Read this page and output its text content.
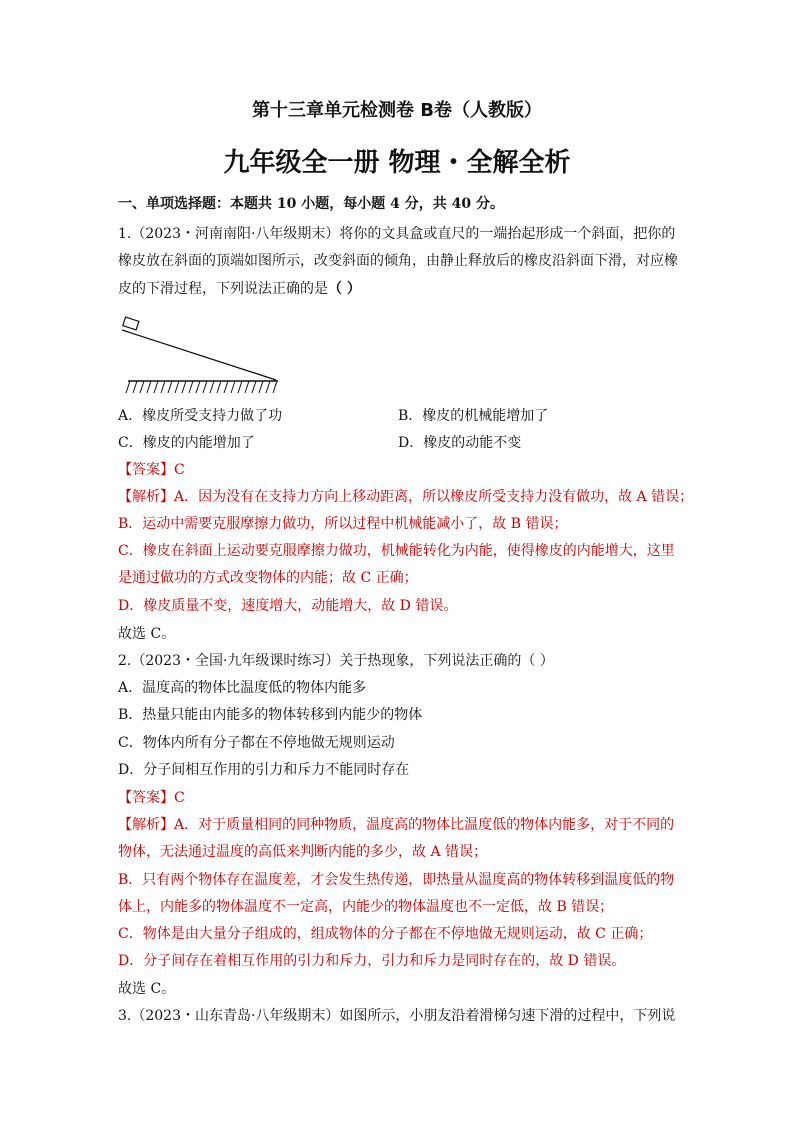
第十三章单元检测卷 B卷（人教版）
九年级全一册 物理・全解全析
一、单项选择题：本题共 10 小题，每小题 4 分，共 40 分。
1.（2023・河南南阳·八年级期末）将你的文具盒或直尺的一端抬起形成一个斜面，把你的
橡皮放在斜面的顶端如图所示，改变斜面的倾角，由静止释放后的橡皮沿斜面下滑，对应橡
皮的下滑过程，下列说法正确的是（ ）
A．橡皮所受支持力做了功	B．橡皮的机械能增加了
C．橡皮的内能增加了	D．橡皮的动能不变
【答案】C
【解析】A．因为没有在支持力方向上移动距离，所以橡皮所受支持力没有做功，故 A 错误；
B．运动中需要克服摩擦力做功，所以过程中机械能减小了，故 B 错误；
C．橡皮在斜面上运动要克服摩擦力做功，机械能转化为内能，使得橡皮的内能增大，这里
是通过做功的方式改变物体的内能；故 C 正确；
D．橡皮质量不变，速度增大，动能增大，故 D 错误。
故选 C。
2.（2023・全国·九年级课时练习）关于热现象，下列说法正确的（ ）
A．温度高的物体比温度低的物体内能多
B．热量只能由内能多的物体转移到内能少的物体
C．物体内所有分子都在不停地做无规则运动
D．分子间相互作用的引力和斥力不能同时存在
【答案】C
【解析】A．对于质量相同的同种物质，温度高的物体比温度低的物体内能多，对于不同的
物体，无法通过温度的高低来判断内能的多少，故 A 错误；
B．只有两个物体存在温度差，才会发生热传递，即热量从温度高的物体转移到温度低的物
体上，内能多的物体温度不一定高，内能少的物体温度也不一定低，故 B 错误；
C．物体是由大量分子组成的，组成物体的分子都在不停地做无规则运动，故 C 正确；
D．分子间存在着相互作用的引力和斥力，引力和斥力是同时存在的，故 D 错误。
故选 C。
3.（2023・山东青岛·八年级期末）如图所示，小朋友沿着滑梯匀速下滑的过程中，下列说
